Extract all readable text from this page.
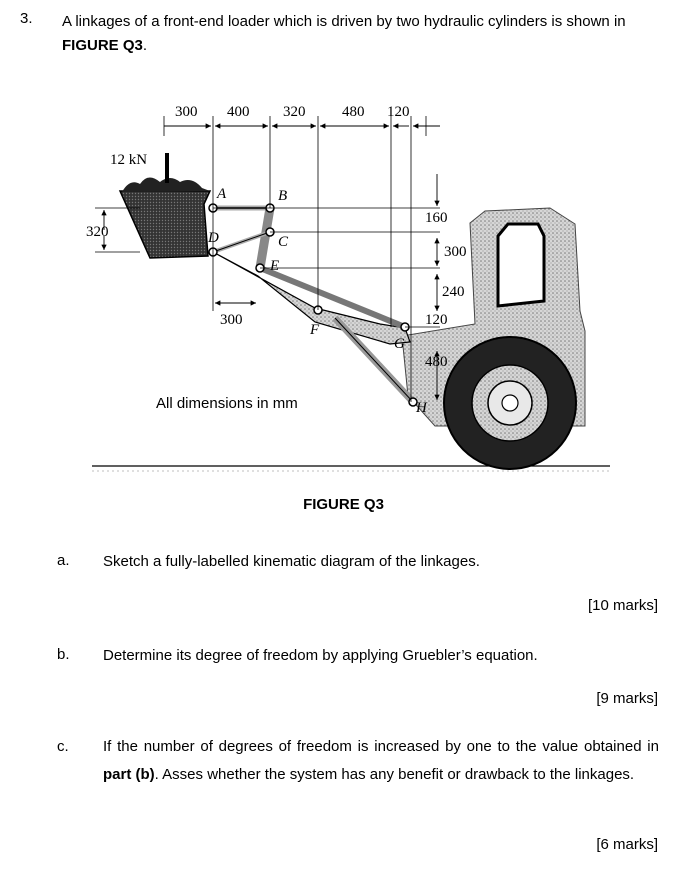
3. A linkages of a front-end loader which is driven by two hydraulic cylinders is shown in FIGURE Q3.
12 kN
300 400 320 480 120
320
300
160
300
240
120
480
A	B
C
D
E
F
G
H
All dimensions in mm
FIGURE Q3
a. Sketch a fully-labelled kinematic diagram of the linkages.
[10 marks]
b. Determine its degree of freedom by applying Gruebler’s equation.
[9 marks]
c. If the number of degrees of freedom is increased by one to the value obtained in part (b). Asses whether the system has any benefit or drawback to the linkages.
[6 marks]
